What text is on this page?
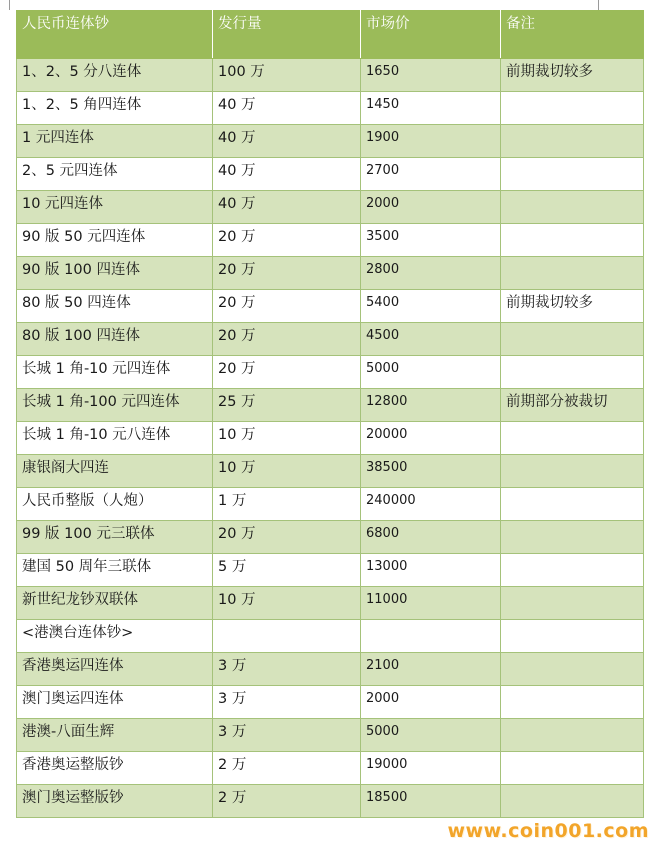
人民币连体钞	发行量	市场价	备注
1、2、5 分八连体	100 万	1650	前期裁切较多
1、2、5 角四连体	40 万	1450	
1 元四连体	40 万	1900	
2、5 元四连体	40 万	2700	
10 元四连体	40 万	2000	
90 版 50 元四连体	20 万	3500	
90 版 100 四连体	20 万	2800	
80 版 50 四连体	20 万	5400	前期裁切较多
80 版 100 四连体	20 万	4500	
长城 1 角-10 元四连体	20 万	5000	
长城 1 角-100 元四连体	25 万	12800	前期部分被裁切
长城 1 角-10 元八连体	10 万	20000	
康银阁大四连	10 万	38500	
人民币整版（人炮）	1 万	240000	
99 版 100 元三联体	20 万	6800	
建国 50 周年三联体	5 万	13000	
新世纪龙钞双联体	10 万	11000	
<港澳台连体钞>			
香港奥运四连体	3 万	2100	
澳门奥运四连体	3 万	2000	
港澳-八面生辉	3 万	5000	
香港奥运整版钞	2 万	19000	
澳门奥运整版钞	2 万	18500	
www.coin001.com
